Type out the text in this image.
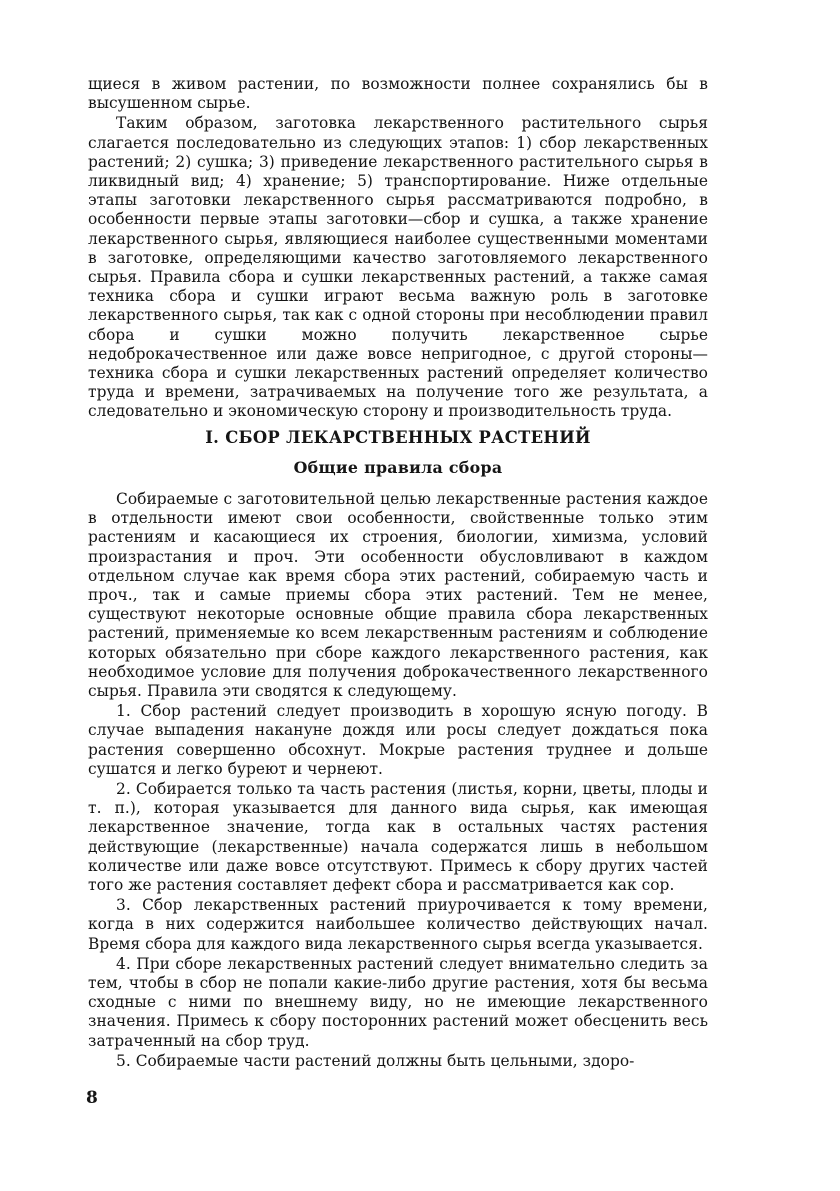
щиеся в живом растении, по возможности полнее сохранялись бы в высушенном сырье.

Таким образом, заготовка лекарственного растительного сырья слагается последовательно из следующих этапов: 1) сбор лекарственных растений; 2) сушка; 3) приведение лекарственного растительного сырья в ликвидный вид; 4) хранение; 5) транспортирование. Ниже отдельные этапы заготовки лекарственного сырья рассматриваются подробно, в особенности первые этапы заготовки—сбор и сушка, а также хранение лекарственного сырья, являющиеся наиболее существенными моментами в заготовке, определяющими качество заготовляемого лекарственного сырья. Правила сбора и сушки лекарственных растений, а также самая техника сбора и сушки играют весьма важную роль в заготовке лекарственного сырья, так как с одной стороны при несоблюдении правил сбора и сушки можно получить лекарственное сырье недоброкачественное или даже вовсе непригодное, с другой стороны—техника сбора и сушки лекарственных растений определяет количество труда и времени, затрачиваемых на получение того же результата, а следовательно и экономическую сторону и производительность труда.

I. СБОР ЛЕКАРСТВЕННЫХ РАСТЕНИЙ
Общие правила сбора

Собираемые с заготовительной целью лекарственные растения каждое в отдельности имеют свои особенности, свойственные только этим растениям и касающиеся их строения, биологии, химизма, условий произрастания и проч. Эти особенности обусловливают в каждом отдельном случае как время сбора этих растений, собираемую часть и проч., так и самые приемы сбора этих растений. Тем не менее, существуют некоторые основные общие правила сбора лекарственных растений, применяемые ко всем лекарственным растениям и соблюдение которых обязательно при сборе каждого лекарственного растения, как необходимое условие для получения доброкачественного лекарственного сырья. Правила эти сводятся к следующему.

1. Сбор растений следует производить в хорошую ясную погоду. В случае выпадения накануне дождя или росы следует дождаться пока растения совершенно обсохнут. Мокрые растения труднее и дольше сушатся и легко буреют и чернеют.

2. Собирается только та часть растения (листья, корни, цветы, плоды и т. п.), которая указывается для данного вида сырья, как имеющая лекарственное значение, тогда как в остальных частях растения действующие (лекарственные) начала содержатся лишь в небольшом количестве или даже вовсе отсутствуют. Примесь к сбору других частей того же растения составляет дефект сбора и рассматривается как сор.

3. Сбор лекарственных растений приурочивается к тому времени, когда в них содержится наибольшее количество действующих начал. Время сбора для каждого вида лекарственного сырья всегда указывается.

4. При сборе лекарственных растений следует внимательно следить за тем, чтобы в сбор не попали какие-либо другие растения, хотя бы весьма сходные с ними по внешнему виду, но не имеющие лекарственного значения. Примесь к сбору посторонних растений может обесценить весь затраченный на сбор труд.

5. Собираемые части растений должны быть цельными, здоро-

8
